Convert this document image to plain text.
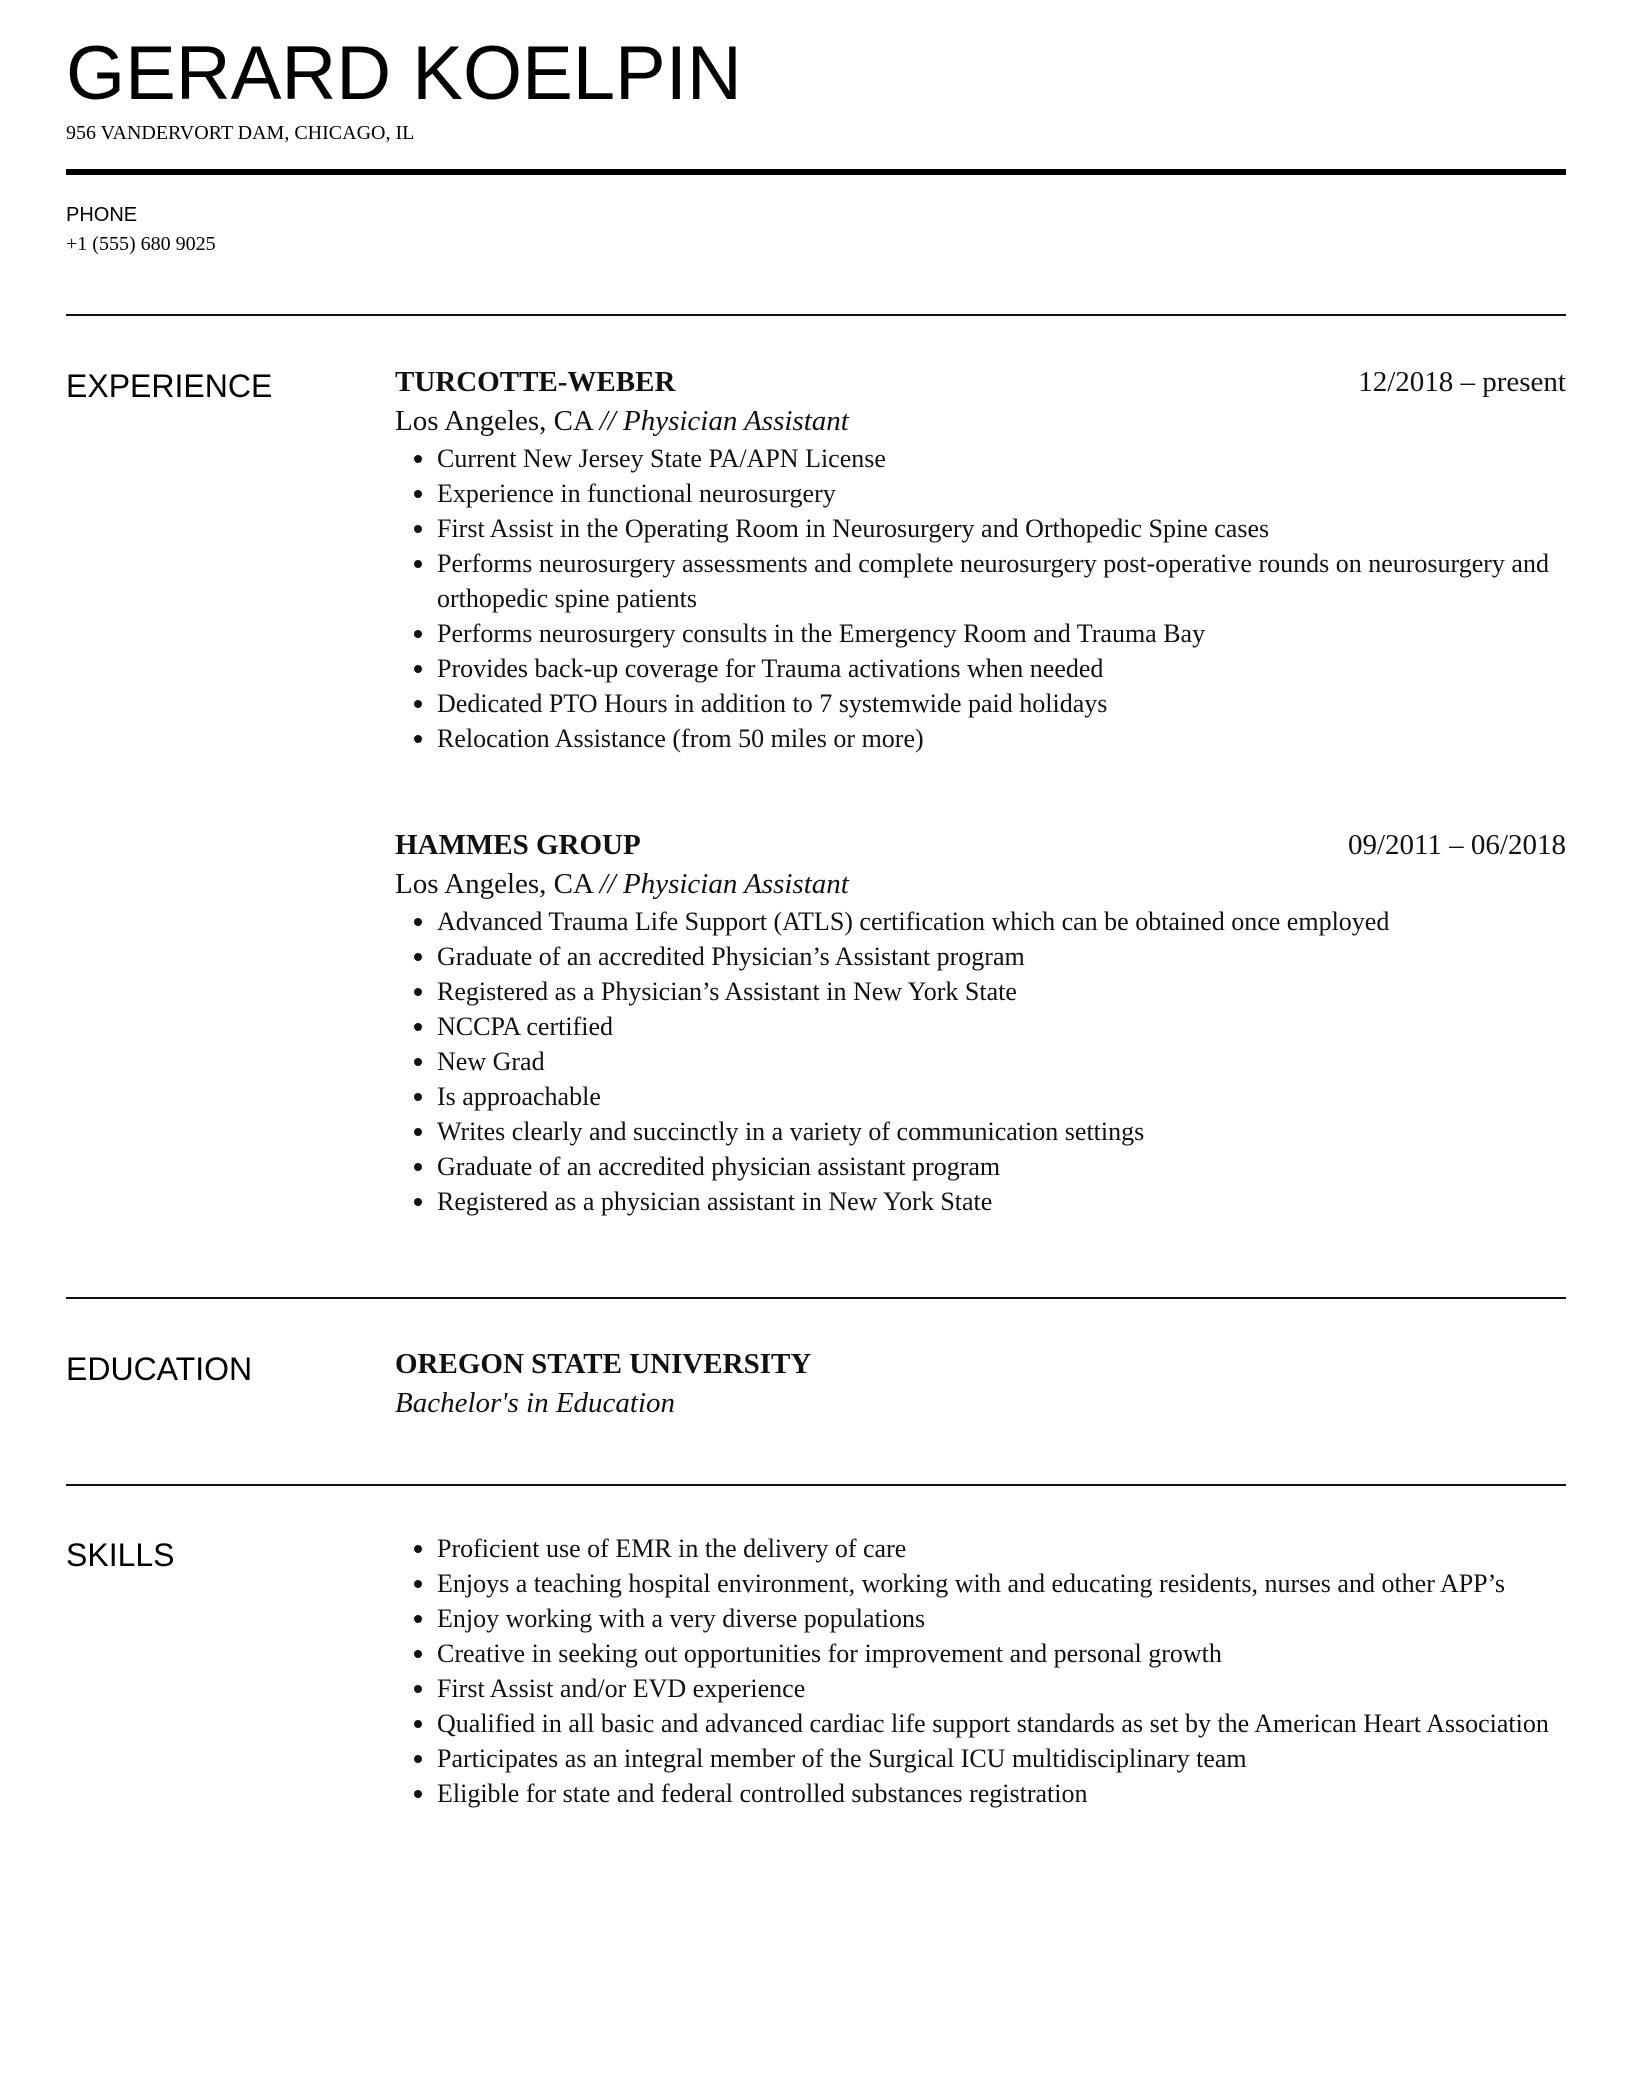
GERARD KOELPIN
956 VANDERVORT DAM, CHICAGO, IL
PHONE
+1 (555) 680 9025
EXPERIENCE	TURCOTTE-WEBER	12/2018 – present

Los Angeles, CA // Physician Assistant

Current New Jersey State PA/APN License
Experience in functional neurosurgery
First Assist in the Operating Room in Neurosurgery and Orthopedic Spine cases
Performs neurosurgery assessments and complete neurosurgery post-operative rounds on neurosurgery and orthopedic spine patients
Performs neurosurgery consults in the Emergency Room and Trauma Bay
Provides back-up coverage for Trauma activations when needed
Dedicated PTO Hours in addition to 7 systemwide paid holidays
Relocation Assistance (from 50 miles or more)
HAMMES GROUP	09/2011 – 06/2018

Los Angeles, CA // Physician Assistant

Advanced Trauma Life Support (ATLS) certification which can be obtained once employed
Graduate of an accredited Physician’s Assistant program
Registered as a Physician’s Assistant in New York State
NCCPA certified
New Grad
Is approachable
Writes clearly and succinctly in a variety of communication settings
Graduate of an accredited physician assistant program
Registered as a physician assistant in New York State
EDUCATION	OREGON STATE UNIVERSITY

Bachelor's in Education

SKILLS	Proficient use of EMR in the delivery of care
Enjoys a teaching hospital environment, working with and educating residents, nurses and other APP’s
Enjoy working with a very diverse populations
Creative in seeking out opportunities for improvement and personal growth
First Assist and/or EVD experience
Qualified in all basic and advanced cardiac life support standards as set by the American Heart Association
Participates as an integral member of the Surgical ICU multidisciplinary team
Eligible for state and federal controlled substances registration
